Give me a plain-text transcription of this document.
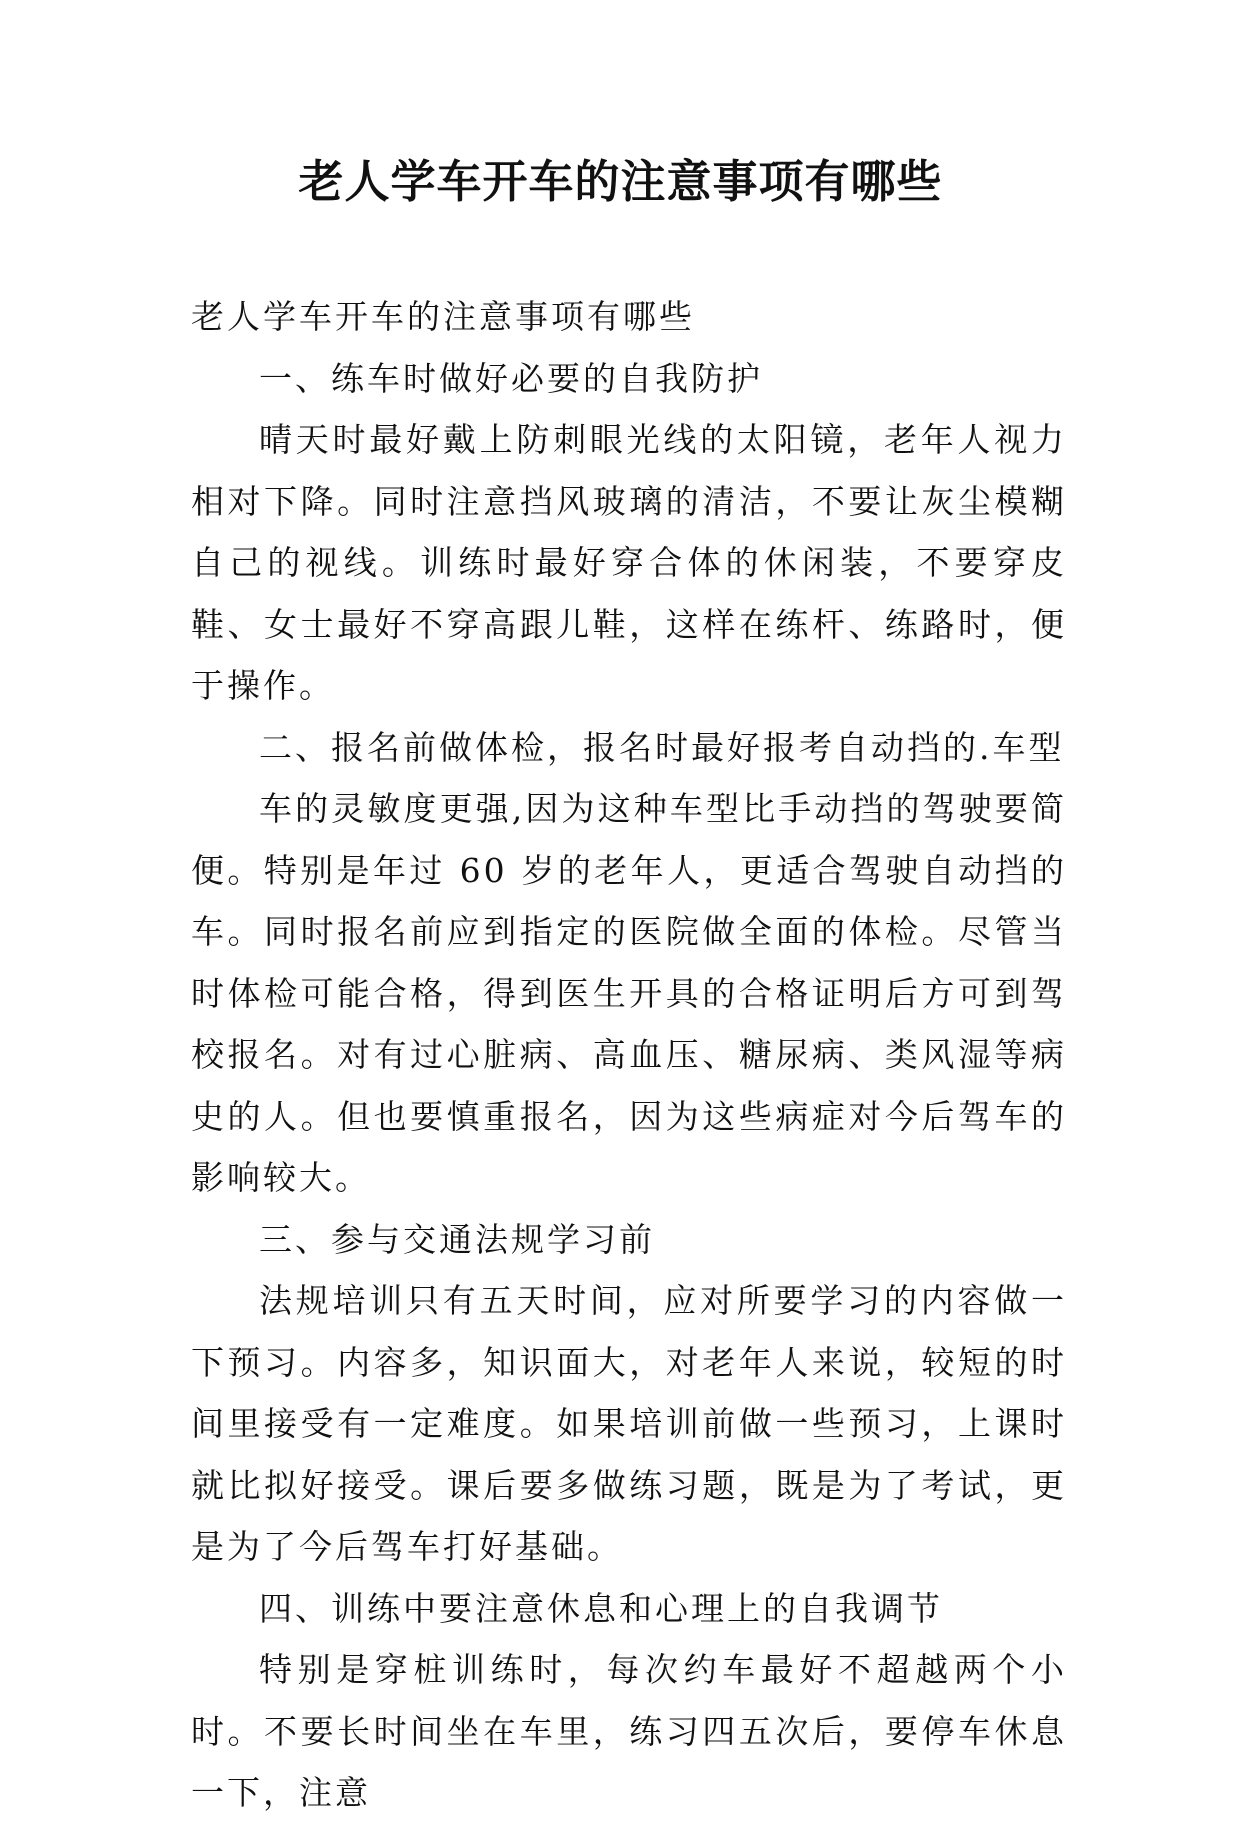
老人学车开车的注意事项有哪些

老人学车开车的注意事项有哪些

一、练车时做好必要的自我防护

晴天时最好戴上防刺眼光线的太阳镜，老年人视力相对下降。同时注意挡风玻璃的清洁，不要让灰尘模糊自己的视线。训练时最好穿合体的休闲装，不要穿皮鞋、女士最好不穿高跟儿鞋，这样在练杆、练路时，便于操作。

二、报名前做体检，报名时最好报考自动挡的.车型

车的灵敏度更强,因为这种车型比手动挡的驾驶要简便。特别是年过 60 岁的老年人，更适合驾驶自动挡的车。同时报名前应到指定的医院做全面的体检。尽管当时体检可能合格，得到医生开具的合格证明后方可到驾校报名。对有过心脏病、高血压、糖尿病、类风湿等病史的人。但也要慎重报名，因为这些病症对今后驾车的影响较大。

三、参与交通法规学习前

法规培训只有五天时间，应对所要学习的内容做一下预习。内容多，知识面大，对老年人来说，较短的时间里接受有一定难度。如果培训前做一些预习，上课时就比拟好接受。课后要多做练习题，既是为了考试，更是为了今后驾车打好基础。

四、训练中要注意休息和心理上的自我调节

特别是穿桩训练时，每次约车最好不超越两个小时。不要长时间坐在车里，练习四五次后，要停车休息一下，注意
